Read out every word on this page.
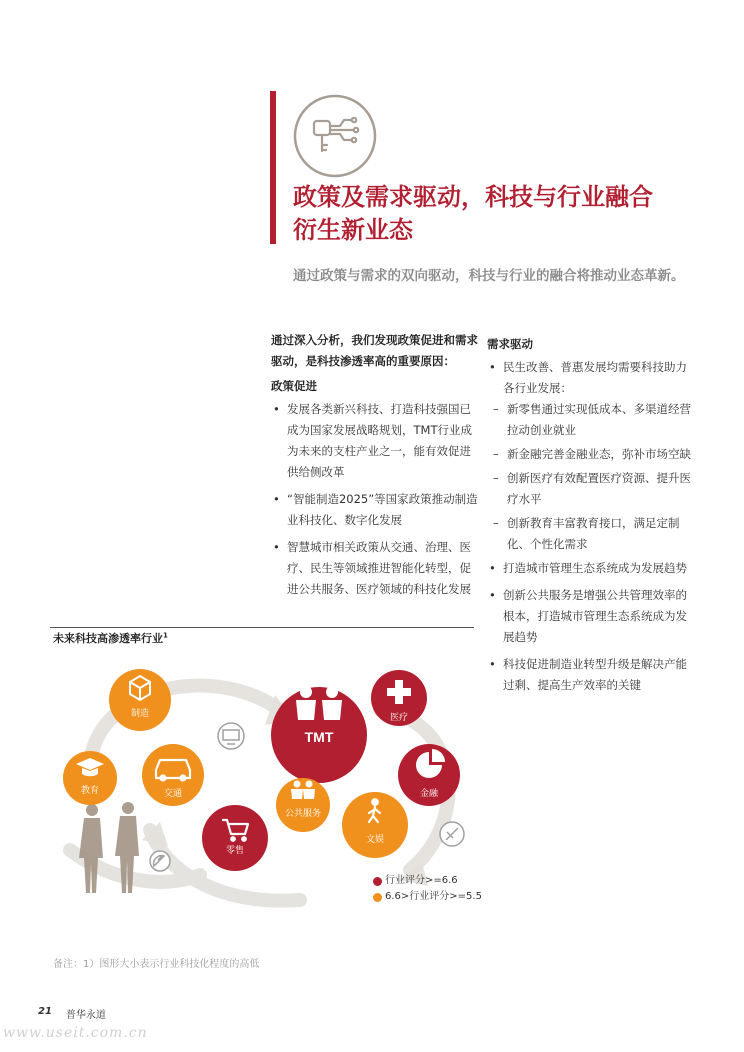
政策及需求驱动，科技与行业融合
衍生新业态

通过政策与需求的双向驱动，科技与行业的融合将推动业态革新。

通过深入分析，我们发现政策促进和需求驱动，是科技渗透率高的重要原因：

政策促进

• 发展各类新兴科技、打造科技强国已成为国家发展战略规划，TMT行业成为未来的支柱产业之一，能有效促进供给侧改革
• “智能制造2025”等国家政策推动制造业科技化、数字化发展
• 智慧城市相关政策从交通、治理、医疗、民生等领域推进智能化转型，促进公共服务、医疗领域的科技化发展

需求驱动

• 民生改善、普惠发展均需要科技助力各行业发展：
– 新零售通过实现低成本、多渠道经营拉动创业就业
– 新金融完善金融业态，弥补市场空缺
– 创新医疗有效配置医疗资源、提升医疗水平
– 创新教育丰富教育接口，满足定制化、个性化需求
• 打造城市管理生态系统成为发展趋势
• 创新公共服务是增强公共管理效率的根本，打造城市管理生态系统成为发展趋势
• 科技促进制造业转型升级是解决产能过剩、提高生产效率的关键
未来科技高渗透率行业$^1$
TMT
医疗
金融
零售
制造
教育	交通
公共服务
文娱
行业评分>=6.6
6.6>行业评分>=5.5
备注：1）图形大小表示行业科技化程度的高低
21 普华永道
www.useit.com.cn
